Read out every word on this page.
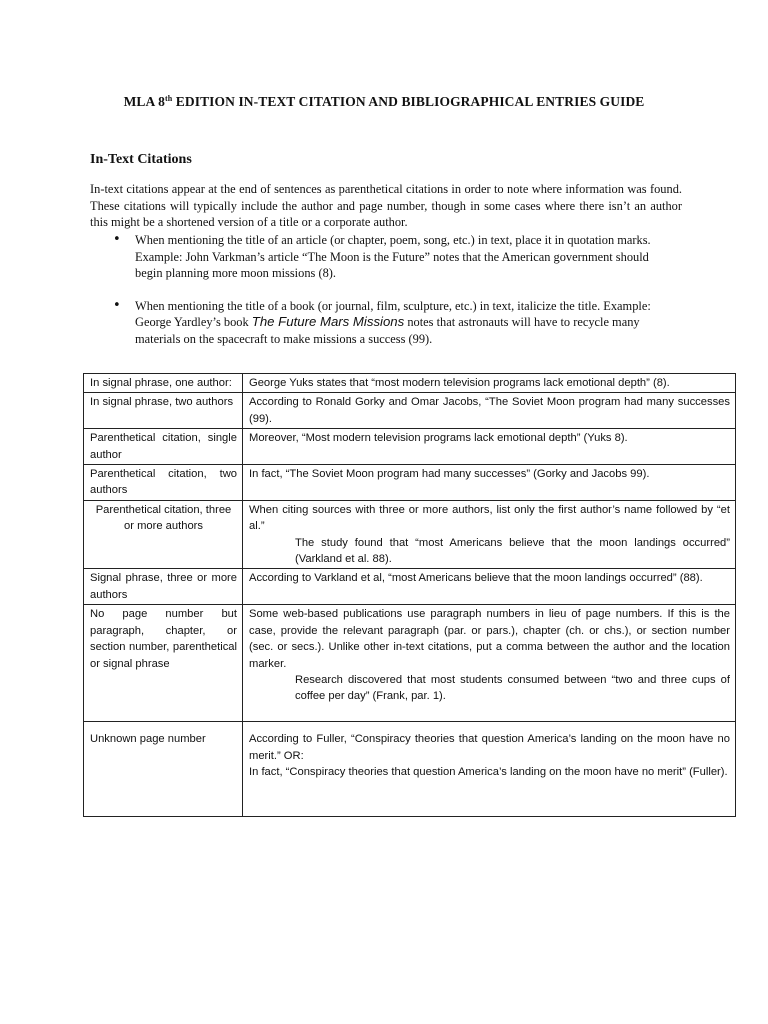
MLA 8th EDITION IN-TEXT CITATION AND BIBLIOGRAPHICAL ENTRIES GUIDE
In-Text Citations
In-text citations appear at the end of sentences as parenthetical citations in order to note where information was found. These citations will typically include the author and page number, though in some cases where there isn’t an author this might be a shortened version of a title or a corporate author.
• When mentioning the title of an article (or chapter, poem, song, etc.) in text, place it in quotation marks. Example: John Varkman’s article “The Moon is the Future” notes that the American government should begin planning more moon missions (8).
• When mentioning the title of a book (or journal, film, sculpture, etc.) in text, italicize the title. Example: George Yardley’s book The Future Mars Missions notes that astronauts will have to recycle many materials on the spacecraft to make missions a success (99).
In signal phrase, one author:	George Yuks states that “most modern television programs lack emotional depth” (8).
In signal phrase, two authors	According to Ronald Gorky and Omar Jacobs, “The Soviet Moon program had many successes (99).
Parenthetical citation, single author	Moreover, “Most modern television programs lack emotional depth” (Yuks 8).
Parenthetical citation, two authors	In fact, “The Soviet Moon program had many successes” (Gorky and Jacobs 99).
Parenthetical citation, three or more authors	When citing sources with three or more authors, list only the first author’s name followed by “et al.”
The study found that “most Americans believe that the moon landings occurred” (Varkland et al. 88).

Signal phrase, three or more authors	According to Varkland et al, “most Americans believe that the moon landings occurred” (88).
No page number but paragraph, chapter, or section number, parenthetical or signal phrase	Some web-based publications use paragraph numbers in lieu of page numbers. If this is the case, provide the relevant paragraph (par. or pars.), chapter (ch. or chs.), or section number (sec. or secs.). Unlike other in-text citations, put a comma between the author and the location marker.
Research discovered that most students consumed between “two and three cups of coffee per day” (Frank, par. 1).

Unknown page number	According to Fuller, “Conspiracy theories that question America’s landing on the moon have no merit.” OR:
In fact, “Conspiracy theories that question America’s landing on the moon have no merit” (Fuller).
